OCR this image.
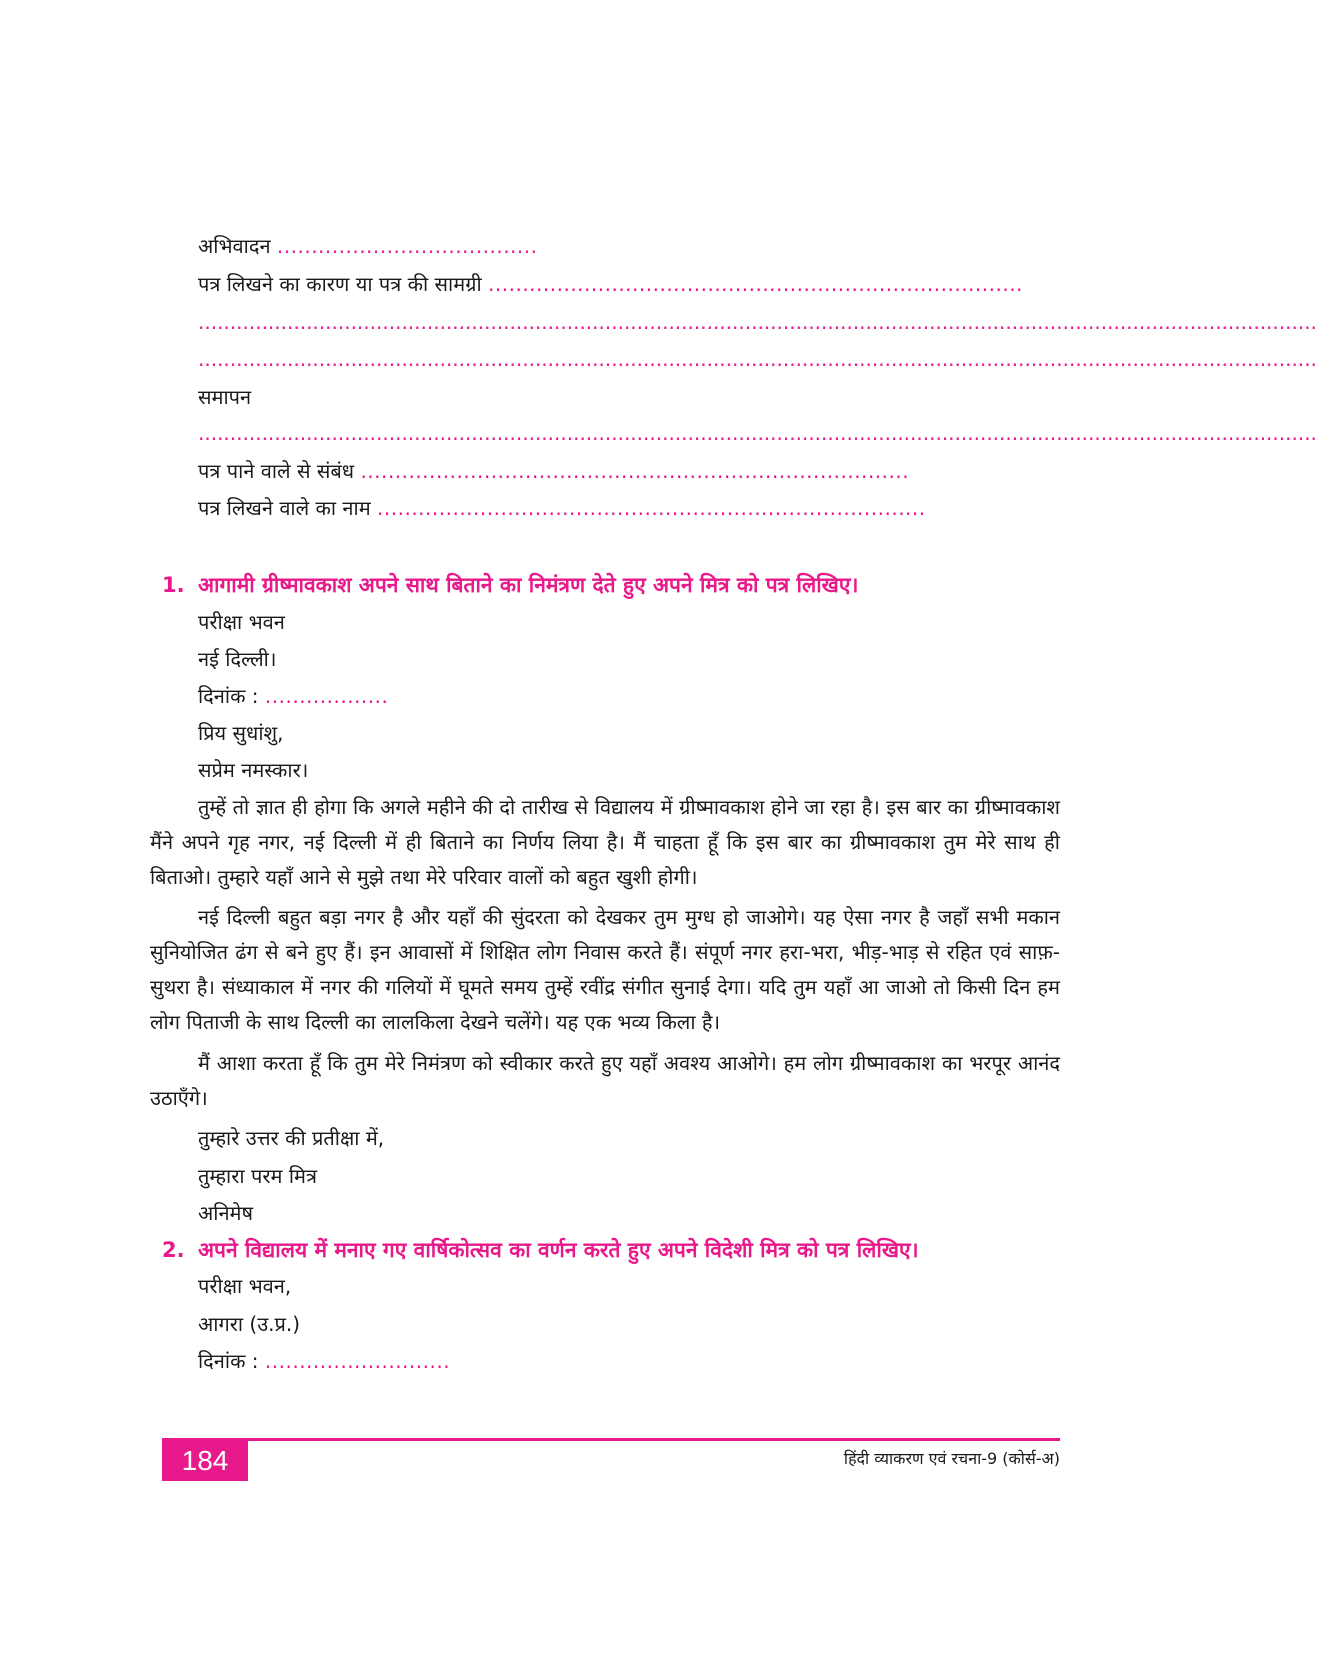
अभिवादन ......................................
पत्र लिखने का कारण या पत्र की सामग्री ..............................................................................
................................................................................................................................................................................
................................................................................................................................................................................
समापन
................................................................................................................................................................................
पत्र पाने वाले से संबंध ................................................................................
पत्र लिखने वाले का नाम ................................................................................
1. आगामी ग्रीष्मावकाश अपने साथ बिताने का निमंत्रण देते हुए अपने मित्र को पत्र लिखिए।
परीक्षा भवन
नई दिल्ली।
दिनांक : ..................
प्रिय सुधांशु,
सप्रेम नमस्कार।

तुम्हें तो ज्ञात ही होगा कि अगले महीने की दो तारीख से विद्यालय में ग्रीष्मावकाश होने जा रहा है। इस बार का ग्रीष्मावकाश मैंने अपने गृह नगर, नई दिल्ली में ही बिताने का निर्णय लिया है। मैं चाहता हूँ कि इस बार का ग्रीष्मावकाश तुम मेरे साथ ही बिताओ। तुम्हारे यहाँ आने से मुझे तथा मेरे परिवार वालों को बहुत खुशी होगी।

नई दिल्ली बहुत बड़ा नगर है और यहाँ की सुंदरता को देखकर तुम मुग्ध हो जाओगे। यह ऐसा नगर है जहाँ सभी मकान सुनियोजित ढंग से बने हुए हैं। इन आवासों में शिक्षित लोग निवास करते हैं। संपूर्ण नगर हरा-भरा, भीड़-भाड़ से रहित एवं साफ़-सुथरा है। संध्याकाल में नगर की गलियों में घूमते समय तुम्हें रवींद्र संगीत सुनाई देगा। यदि तुम यहाँ आ जाओ तो किसी दिन हम लोग पिताजी के साथ दिल्ली का लालकिला देखने चलेंगे। यह एक भव्य किला है।

मैं आशा करता हूँ कि तुम मेरे निमंत्रण को स्वीकार करते हुए यहाँ अवश्य आओगे। हम लोग ग्रीष्मावकाश का भरपूर आनंद उठाएँगे।

तुम्हारे उत्तर की प्रतीक्षा में,
तुम्हारा परम मित्र
अनिमेष
2. अपने विद्यालय में मनाए गए वार्षिकोत्सव का वर्णन करते हुए अपने विदेशी मित्र को पत्र लिखिए।
परीक्षा भवन,
आगरा (उ.प्र.)
दिनांक : ...........................
184	हिंदी व्याकरण एवं रचना-9 (कोर्स-अ)
